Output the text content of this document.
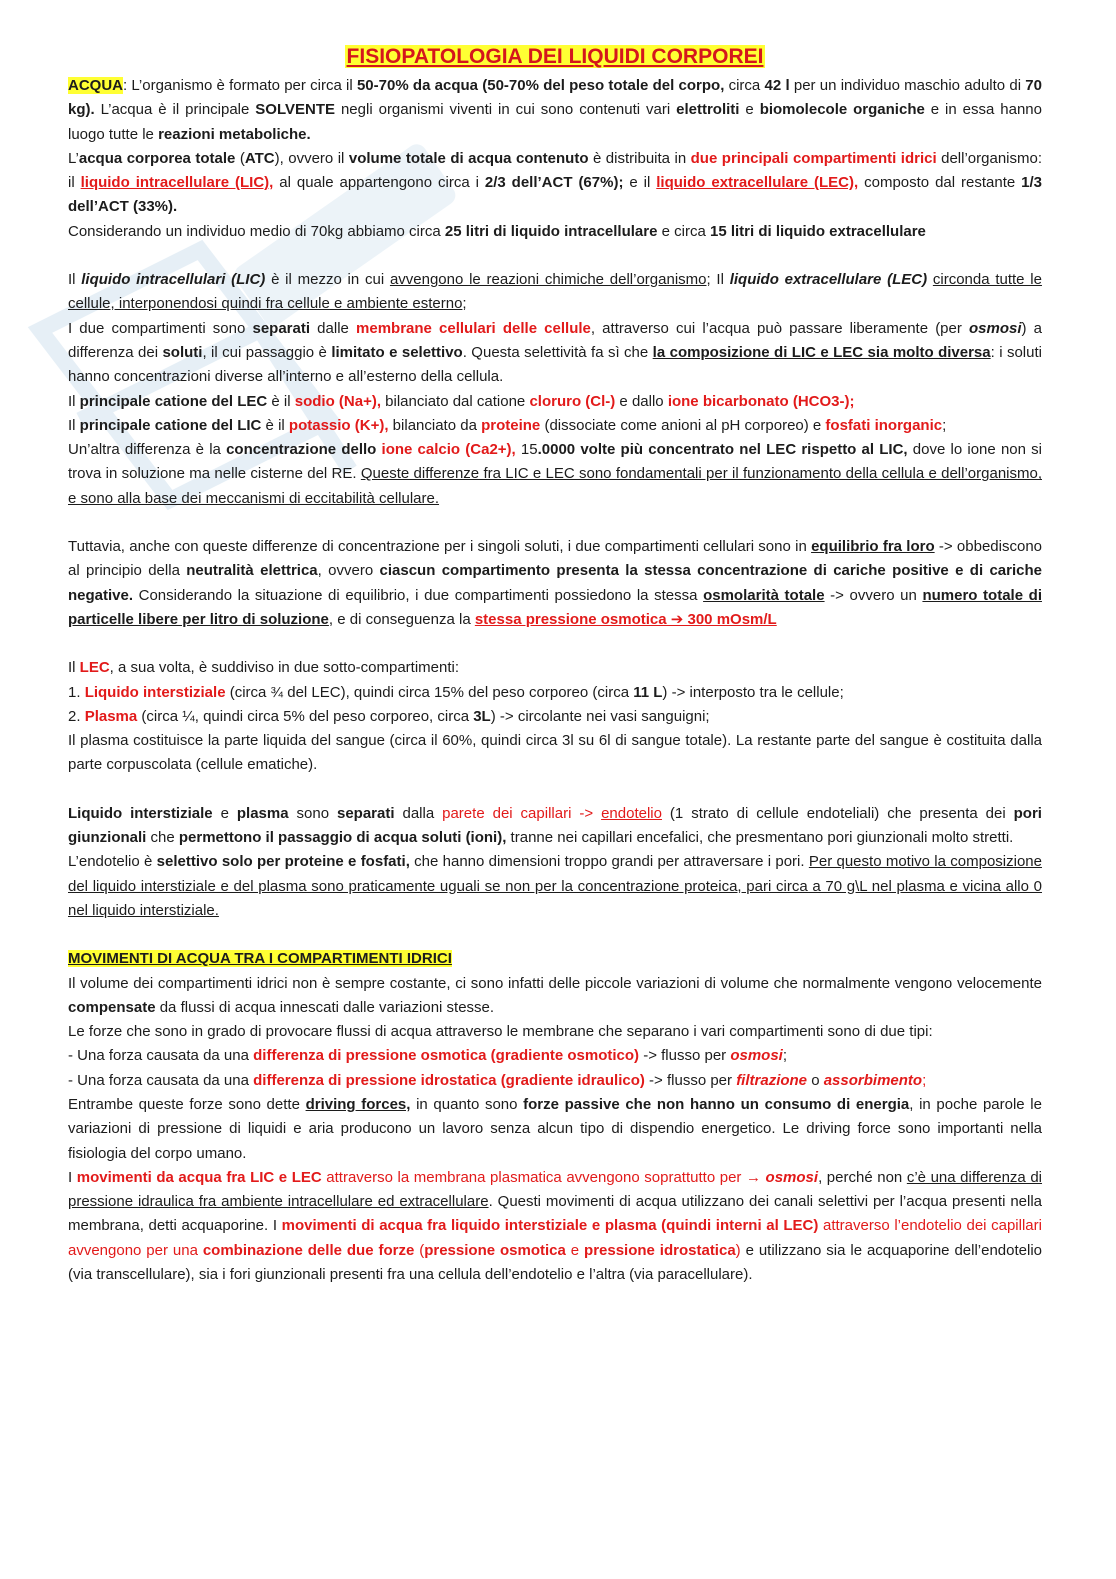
FISIOPATOLOGIA DEI LIQUIDI CORPOREI

ACQUA: L’organismo è formato per circa il 50-70% da acqua (50-70% del peso totale del corpo, circa 42 l per un individuo maschio adulto di 70 kg). L’acqua è il principale SOLVENTE negli organismi viventi in cui sono contenuti vari elettroliti e biomolecole organiche e in essa hanno luogo tutte le reazioni metaboliche.

L’acqua corporea totale (ATC), ovvero il volume totale di acqua contenuto è distribuita in due principali compartimenti idrici dell’organismo: il liquido intracellulare (LIC), al quale appartengono circa i 2/3 dell’ACT (67%); e il liquido extracellulare (LEC), composto dal restante 1/3 dell’ACT (33%).

Considerando un individuo medio di 70kg abbiamo circa 25 litri di liquido intracellulare e circa 15 litri di liquido extracellulare

Il liquido intracellulari (LIC) è il mezzo in cui avvengono le reazioni chimiche dell’organismo; Il liquido extracellulare (LEC) circonda tutte le cellule, interponendosi quindi fra cellule e ambiente esterno;

I due compartimenti sono separati dalle membrane cellulari delle cellule, attraverso cui l’acqua può passare liberamente (per osmosi) a differenza dei soluti, il cui passaggio è limitato e selettivo. Questa selettività fa sì che la composizione di LIC e LEC sia molto diversa: i soluti hanno concentrazioni diverse all’interno e all’esterno della cellula.

Il principale catione del LEC è il sodio (Na+), bilanciato dal catione cloruro (Cl-) e dallo ione bicarbonato (HCO3-);

Il principale catione del LIC è il potassio (K+), bilanciato da proteine (dissociate come anioni al pH corporeo) e fosfati inorganic;

Un’altra differenza è la concentrazione dello ione calcio (Ca2+), 15.0000 volte più concentrato nel LEC rispetto al LIC, dove lo ione non si trova in soluzione ma nelle cisterne del RE. Queste differenze fra LIC e LEC sono fondamentali per il funzionamento della cellula e dell’organismo, e sono alla base dei meccanismi di eccitabilità cellulare.

Tuttavia, anche con queste differenze di concentrazione per i singoli soluti, i due compartimenti cellulari sono in equilibrio fra loro -> obbediscono al principio della neutralità elettrica, ovvero ciascun compartimento presenta la stessa concentrazione di cariche positive e di cariche negative. Considerando la situazione di equilibrio, i due compartimenti possiedono la stessa osmolarità totale -> ovvero un numero totale di particelle libere per litro di soluzione, e di conseguenza la stessa pressione osmotica ➔ 300 mOsm/L

Il LEC, a sua volta, è suddiviso in due sotto-compartimenti:

1. Liquido interstiziale (circa ¾ del LEC), quindi circa 15% del peso corporeo (circa 11 L) -> interposto tra le cellule;

2. Plasma (circa ¼, quindi circa 5% del peso corporeo, circa 3L) -> circolante nei vasi sanguigni;

Il plasma costituisce la parte liquida del sangue (circa il 60%, quindi circa 3l su 6l di sangue totale). La restante parte del sangue è costituita dalla parte corpuscolata (cellule ematiche).

Liquido interstiziale e plasma sono separati dalla parete dei capillari -> endotelio (1 strato di cellule endoteliali) che presenta dei pori giunzionali che permettono il passaggio di acqua soluti (ioni), tranne nei capillari encefalici, che presmentano pori giunzionali molto stretti.

L’endotelio è selettivo solo per proteine e fosfati, che hanno dimensioni troppo grandi per attraversare i pori. Per questo motivo la composizione del liquido interstiziale e del plasma sono praticamente uguali se non per la concentrazione proteica, pari circa a 70 g\L nel plasma e vicina allo 0 nel liquido interstiziale.

MOVIMENTI DI ACQUA TRA I COMPARTIMENTI IDRICI

Il volume dei compartimenti idrici non è sempre costante, ci sono infatti delle piccole variazioni di volume che normalmente vengono velocemente compensate da flussi di acqua innescati dalle variazioni stesse.

Le forze che sono in grado di provocare flussi di acqua attraverso le membrane che separano i vari compartimenti sono di due tipi:

- Una forza causata da una differenza di pressione osmotica (gradiente osmotico) -> flusso per osmosi;

- Una forza causata da una differenza di pressione idrostatica (gradiente idraulico) -> flusso per filtrazione o assorbimento;

Entrambe queste forze sono dette driving forces, in quanto sono forze passive che non hanno un consumo di energia, in poche parole le variazioni di pressione di liquidi e aria producono un lavoro senza alcun tipo di dispendio energetico. Le driving force sono importanti nella fisiologia del corpo umano.

I movimenti da acqua fra LIC e LEC attraverso la membrana plasmatica avvengono soprattutto per → osmosi, perché non c’è una differenza di pressione idraulica fra ambiente intracellulare ed extracellulare. Questi movimenti di acqua utilizzano dei canali selettivi per l’acqua presenti nella membrana, detti acquaporine. I movimenti di acqua fra liquido interstiziale e plasma (quindi interni al LEC) attraverso l’endotelio dei capillari avvengono per una combinazione delle due forze (pressione osmotica e pressione idrostatica) e utilizzano sia le acquaporine dell’endotelio (via transcellulare), sia i fori giunzionali presenti fra una cellula dell’endotelio e l’altra (via paracellulare).
